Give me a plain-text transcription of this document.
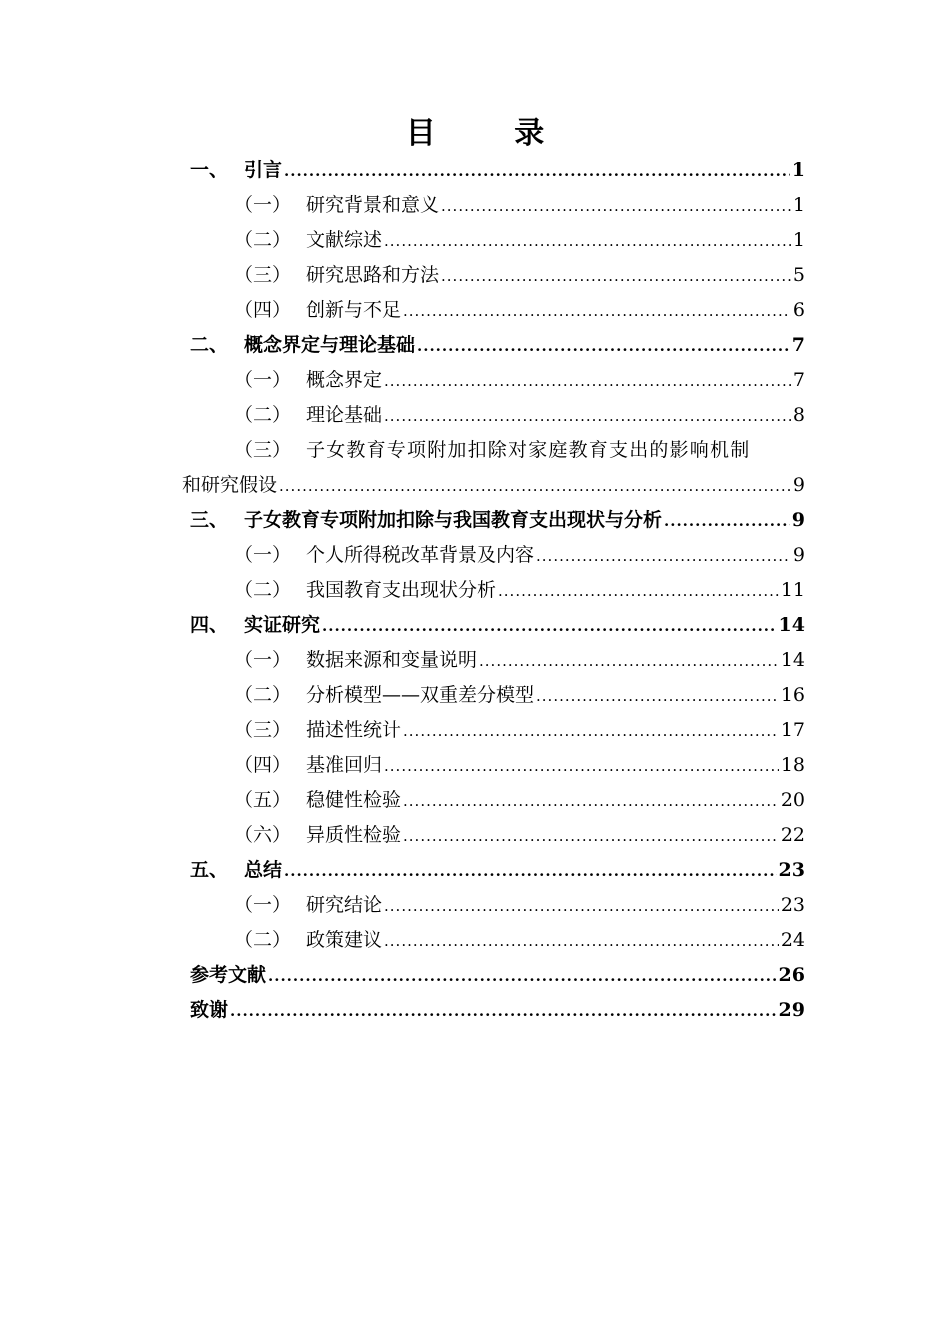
目 录
一、 引言 .....	1
（一） 研究背景和意义 .....	1
（二） 文献综述 .....	1
（三） 研究思路和方法 .....	5
（四） 创新与不足 .....	6
二、 概念界定与理论基础 .....	7
（一） 概念界定 .....	7
（二） 理论基础 .....	8
（三） 子女教育专项附加扣除对家庭教育支出的影响机制
和研究假设 .....	9
三、 子女教育专项附加扣除与我国教育支出现状与分析 .....	9
（一） 个人所得税改革背景及内容 .....	9
（二） 我国教育支出现状分析 .....	11
四、 实证研究 .....	14
（一） 数据来源和变量说明 .....	14
（二） 分析模型——双重差分模型 .....	16
（三） 描述性统计 .....	17
（四） 基准回归 .....	18
（五） 稳健性检验 .....	20
（六） 异质性检验 .....	22
五、 总结 .....	23
（一） 研究结论 .....	23
（二） 政策建议 .....	24
参考文献 .....	26
致谢 .....	29
